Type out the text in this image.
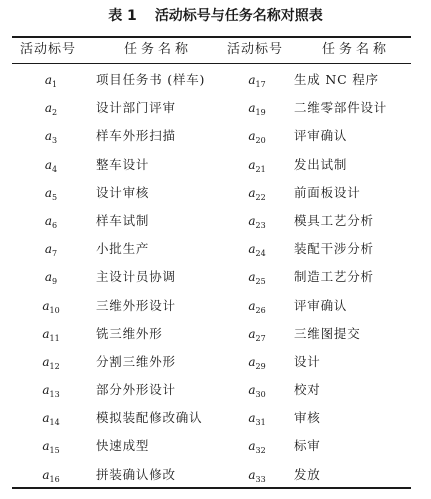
表 1 活动标号与任务名称对照表
活动标号	任务名称	活动标号	任务名称
$a_1$	项目任务书 (样车)	$a_{17}$	生成 NC 程序
$a_2$	设计部门评审	$a_{19}$	二维零部件设计
$a_3$	样车外形扫描	$a_{20}$	评审确认
$a_4$	整车设计	$a_{21}$	发出试制
$a_5$	设计审核	$a_{22}$	前面板设计
$a_6$	样车试制	$a_{23}$	模具工艺分析
$a_7$	小批生产	$a_{24}$	装配干涉分析
$a_9$	主设计员协调	$a_{25}$	制造工艺分析
$a_{10}$	三维外形设计	$a_{26}$	评审确认
$a_{11}$	铣三维外形	$a_{27}$	三维图提交
$a_{12}$	分割三维外形	$a_{29}$	设计
$a_{13}$	部分外形设计	$a_{30}$	校对
$a_{14}$	模拟装配修改确认	$a_{31}$	审核
$a_{15}$	快速成型	$a_{32}$	标审
$a_{16}$	拼装确认修改	$a_{33}$	发放
